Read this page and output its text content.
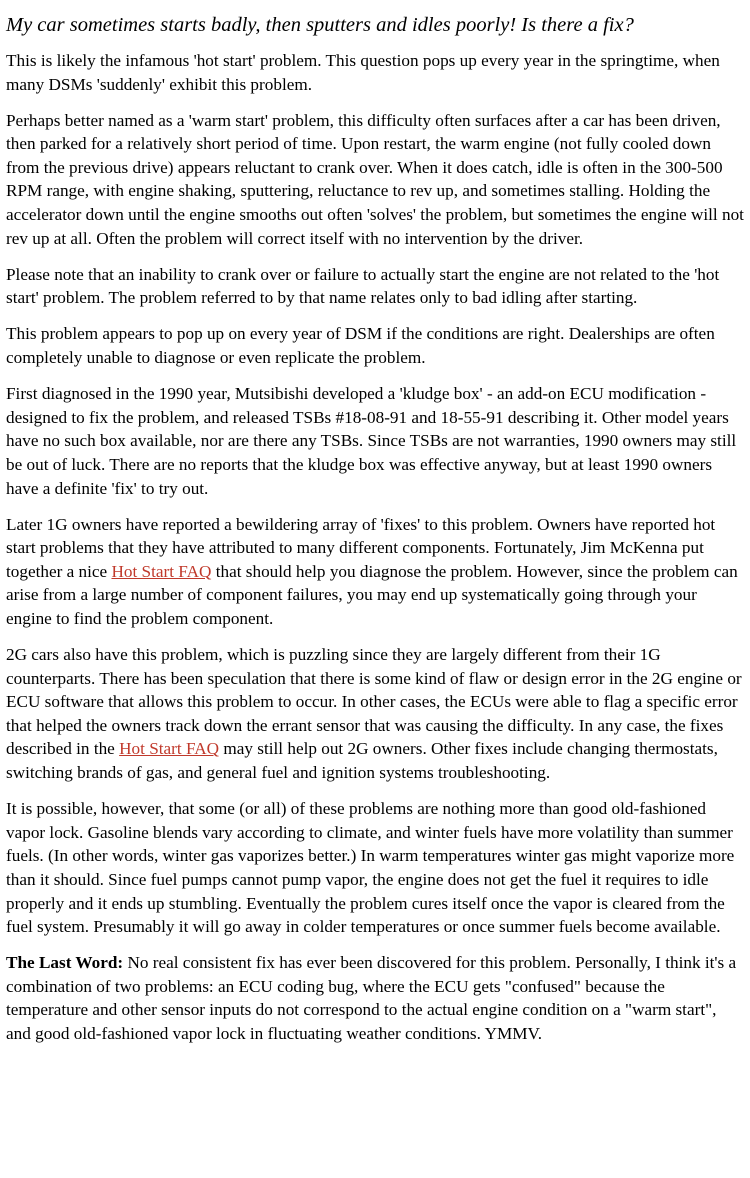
My car sometimes starts badly, then sputters and idles poorly! Is there a fix?

This is likely the infamous 'hot start' problem. This question pops up every year in the springtime, when many DSMs 'suddenly' exhibit this problem.

Perhaps better named as a 'warm start' problem, this difficulty often surfaces after a car has been driven, then parked for a relatively short period of time. Upon restart, the warm engine (not fully cooled down from the previous drive) appears reluctant to crank over. When it does catch, idle is often in the 300-500 RPM range, with engine shaking, sputtering, reluctance to rev up, and sometimes stalling. Holding the accelerator down until the engine smooths out often 'solves' the problem, but sometimes the engine will not rev up at all. Often the problem will correct itself with no intervention by the driver.

Please note that an inability to crank over or failure to actually start the engine are not related to the 'hot start' problem. The problem referred to by that name relates only to bad idling after starting.

This problem appears to pop up on every year of DSM if the conditions are right. Dealerships are often completely unable to diagnose or even replicate the problem.

First diagnosed in the 1990 year, Mutsibishi developed a 'kludge box' - an add-on ECU modification - designed to fix the problem, and released TSBs #18-08-91 and 18-55-91 describing it. Other model years have no such box available, nor are there any TSBs. Since TSBs are not warranties, 1990 owners may still be out of luck. There are no reports that the kludge box was effective anyway, but at least 1990 owners have a definite 'fix' to try out.

Later 1G owners have reported a bewildering array of 'fixes' to this problem. Owners have reported hot start problems that they have attributed to many different components. Fortunately, Jim McKenna put together a nice Hot Start FAQ that should help you diagnose the problem. However, since the problem can arise from a large number of component failures, you may end up systematically going through your engine to find the problem component.

2G cars also have this problem, which is puzzling since they are largely different from their 1G counterparts. There has been speculation that there is some kind of flaw or design error in the 2G engine or ECU software that allows this problem to occur. In other cases, the ECUs were able to flag a specific error that helped the owners track down the errant sensor that was causing the difficulty. In any case, the fixes described in the Hot Start FAQ may still help out 2G owners. Other fixes include changing thermostats, switching brands of gas, and general fuel and ignition systems troubleshooting.

It is possible, however, that some (or all) of these problems are nothing more than good old-fashioned vapor lock. Gasoline blends vary according to climate, and winter fuels have more volatility than summer fuels. (In other words, winter gas vaporizes better.) In warm temperatures winter gas might vaporize more than it should. Since fuel pumps cannot pump vapor, the engine does not get the fuel it requires to idle properly and it ends up stumbling. Eventually the problem cures itself once the vapor is cleared from the fuel system. Presumably it will go away in colder temperatures or once summer fuels become available.

The Last Word: No real consistent fix has ever been discovered for this problem. Personally, I think it's a combination of two problems: an ECU coding bug, where the ECU gets "confused" because the temperature and other sensor inputs do not correspond to the actual engine condition on a "warm start", and good old-fashioned vapor lock in fluctuating weather conditions. YMMV.
